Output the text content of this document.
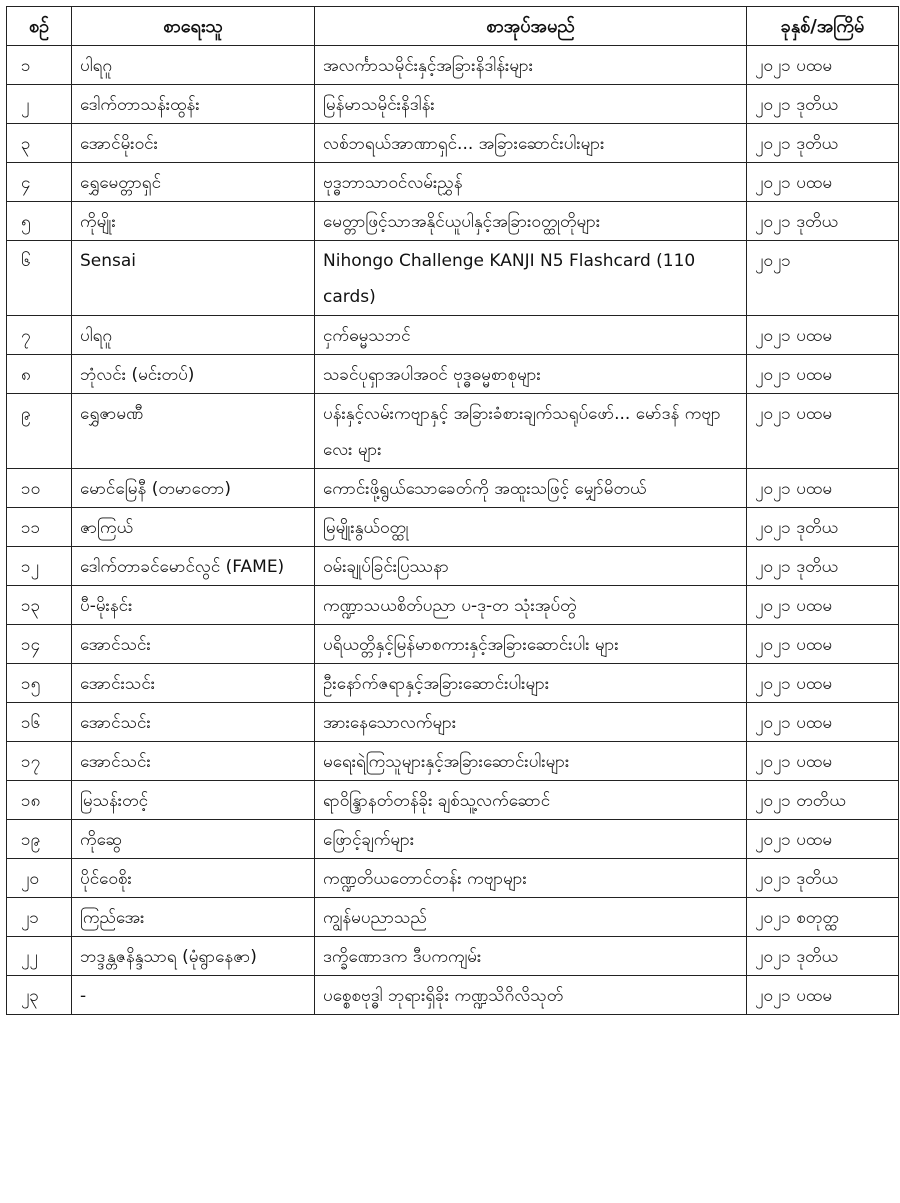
စဉ်	စာရေးသူ	စာအုပ်အမည်	ခုနှစ်/အကြိမ်
၁	ပါရဂူ	အလင်္ကာသမိုင်းနှင့်အခြားနိဒါန်းများ	၂၀၂၁ ပထမ
၂	ဒေါက်တာသန်းထွန်း	မြန်မာသမိုင်းနိဒါန်း	၂၀၂၁ ဒုတိယ
၃	အောင်မိုးဝင်း	လစ်ဘရယ်အာဏာရှင်... အခြားဆောင်းပါးများ	၂၀၂၁ ဒုတိယ
၄	ရွှေမေတ္တာရှင်	ဗုဒ္ဓဘာသာဝင်လမ်းညွှန်	၂၀၂၁ ပထမ
၅	ကိုမျိုး	မေတ္တာဖြင့်သာအနိုင်ယူပါနှင့်အခြားဝတ္ထုတိုများ	၂၀၂၁ ဒုတိယ
၆	Sensai	Nihongo Challenge KANJI N5 Flashcard (110 cards)	၂၀၂၁
၇	ပါရဂူ	ငှက်ဓမ္မသဘင်	၂၀၂၁ ပထမ
၈	ဘုံလင်း (မင်းတပ်)	သခင်ပုရှာအပါအဝင် ဗုဒ္ဓဓမ္မစာစုများ	၂၀၂၁ ပထမ
၉	ရွှေဇာမဏီ	ပန်းနှင့်လမ်းကဗျာနှင့် အခြားခံစားချက်သရုပ်ဖော်... မော်ဒန် ကဗျာလေး များ	၂၀၂၁ ပထမ
၁၀	မောင်မြေနီ (တမာတော)	ကောင်းဖို့ရွယ်သောခေတ်ကို အထူးသဖြင့် မျှော်မိတယ်	၂၀၂၁ ပထမ
၁၁	ဇာကြယ်	မြမျိုးနွယ်ဝတ္ထု	၂၀၂၁ ဒုတိယ
၁၂	ဒေါက်တာခင်မောင်လွင် (FAME)	ဝမ်းချုပ်ခြင်းပြဿနာ	၂၀၂၁ ဒုတိယ
၁၃	ပီ-မိုးနင်း	ကဏ္ဍာသယစိတ်ပညာ ပ-ဒု-တ သုံးအုပ်တွဲ	၂၀၂၁ ပထမ
၁၄	အောင်သင်း	ပရိယတ္တိနှင့်မြန်မာစကားနှင့်အခြားဆောင်းပါး များ	၂၀၂၁ ပထမ
၁၅	အောင်းသင်း	ဦးနော်က်ဇရာနှင့်အခြားဆောင်းပါးများ	၂၀၂၁ ပထမ
၁၆	အောင်သင်း	အားနေသောလက်များ	၂၀၂၁ ပထမ
၁၇	အောင်သင်း	မရေးရဲကြသူများနှင့်အခြားဆောင်းပါးများ	၂၀၂၁ ပထမ
၁၈	မြသန်းတင့်	ရာဝိန္ဒြာနတ်တန်ခိုး ချစ်သူ့လက်ဆောင်	၂၀၂၁ တတိယ
၁၉	ကိုဆွေ	ဖြောင့်ချက်များ	၂၀၂၁ ပထမ
၂၀	ပိုင်ဝေစိုး	ကဏ္ဍတိယတောင်တန်း ကဗျာများ	၂၀၂၁ ဒုတိယ
၂၁	ကြည်အေး	ကျွန်မပညာသည်	၂၀၂၁ စတုတ္ထ
၂၂	ဘဒ္ဒန္တဇနိန္ဒသာရ (မုံရွာနေဇာ)	ဒက္ခိဏောဒက ဒီပကကျမ်း	၂၀၂၁ ဒုတိယ
၂၃	-	ပစ္စေစဗုဒ္ဓါ ဘုရားရှိခိုး ကဏ္ဍသိဂိလိသုတ်	၂၀၂၁ ပထမ
